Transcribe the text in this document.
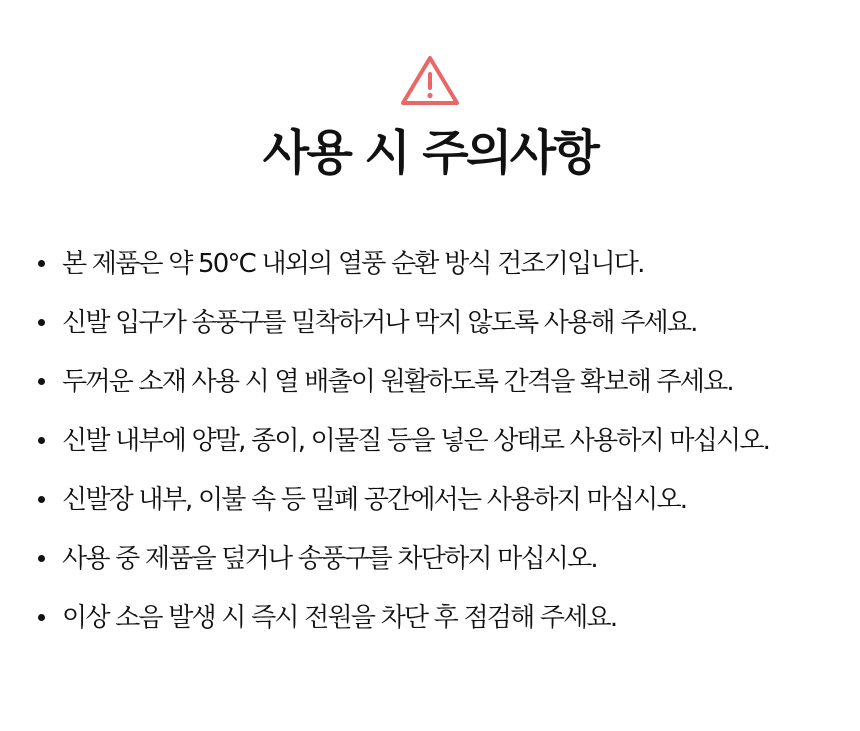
사용 시 주의사항
본 제품은 약 50°C 내외의 열풍 순환 방식 건조기입니다.
신발 입구가 송풍구를 밀착하거나 막지 않도록 사용해 주세요.
두꺼운 소재 사용 시 열 배출이 원활하도록 간격을 확보해 주세요.
신발 내부에 양말, 종이, 이물질 등을 넣은 상태로 사용하지 마십시오.
신발장 내부, 이불 속 등 밀폐 공간에서는 사용하지 마십시오.
사용 중 제품을 덮거나 송풍구를 차단하지 마십시오.
이상 소음 발생 시 즉시 전원을 차단 후 점검해 주세요.
